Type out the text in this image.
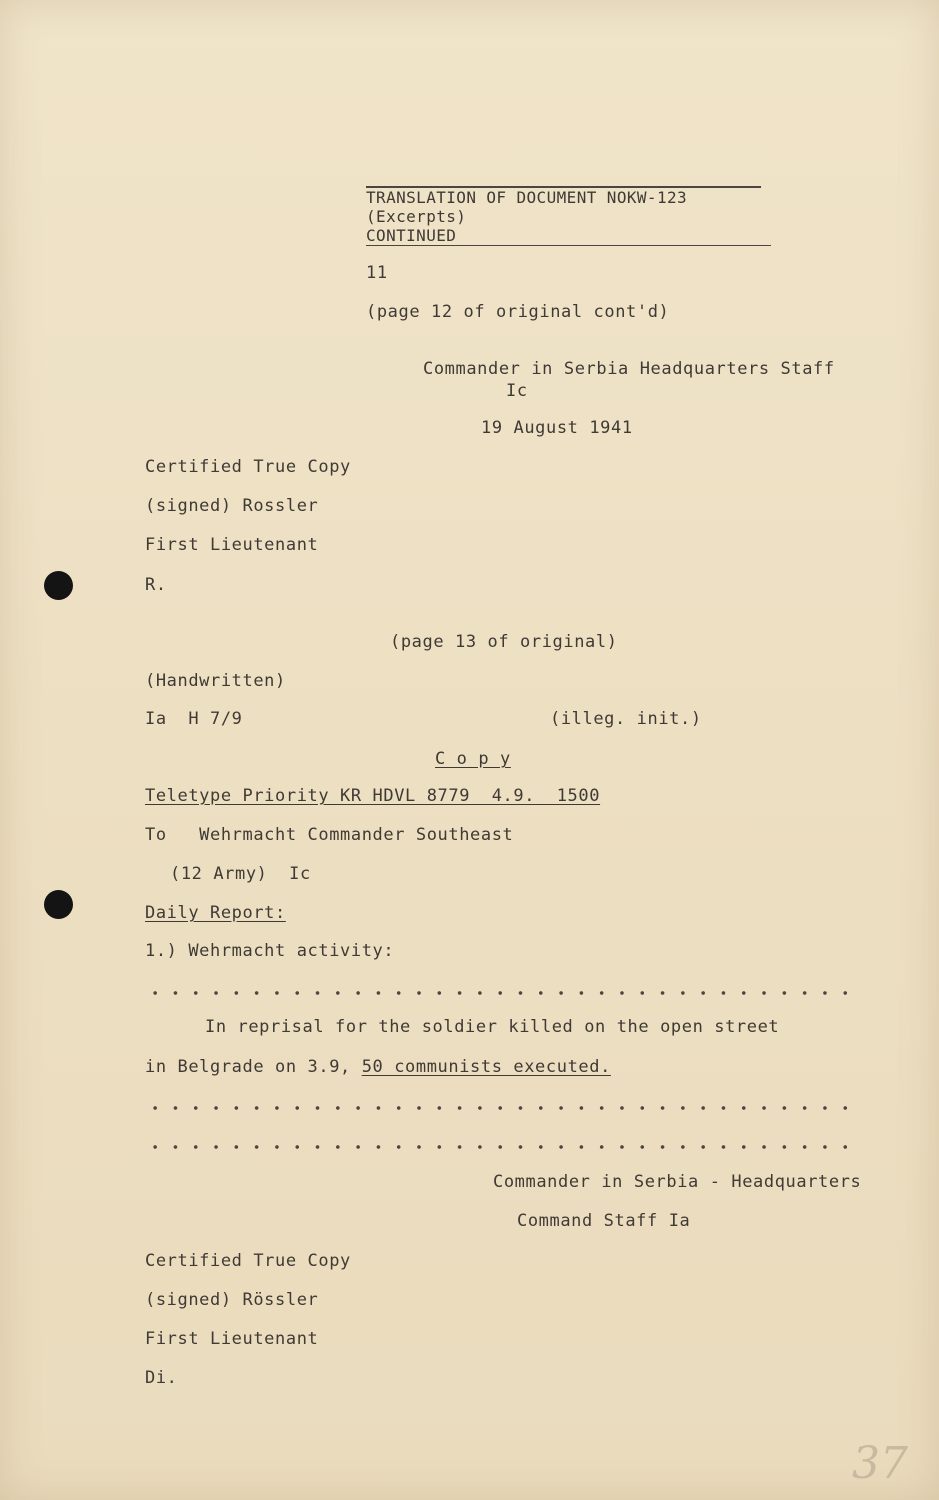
TRANSLATION OF DOCUMENT NOKW-123
(Excerpts)
CONTINUED
11
(page 12 of original cont'd)
Commander in Serbia Headquarters Staff
Ic
19 August 1941
Certified True Copy
(signed) Rossler
First Lieutenant
R.
(page 13 of original)
(Handwritten)
Ia  H 7/9	(illeg. init.)
C o p y
Teletype Priority KR HDVL 8779  4.9.  1500
To   Wehrmacht Commander Southeast
(12 Army)  Ic
Daily Report:
1.) Wehrmacht activity:
In reprisal for the soldier killed on the open street
in Belgrade on 3.9, 50 communists executed.
Commander in Serbia - Headquarters
Command Staff Ia
Certified True Copy
(signed) Rössler
First Lieutenant
Di.
37
